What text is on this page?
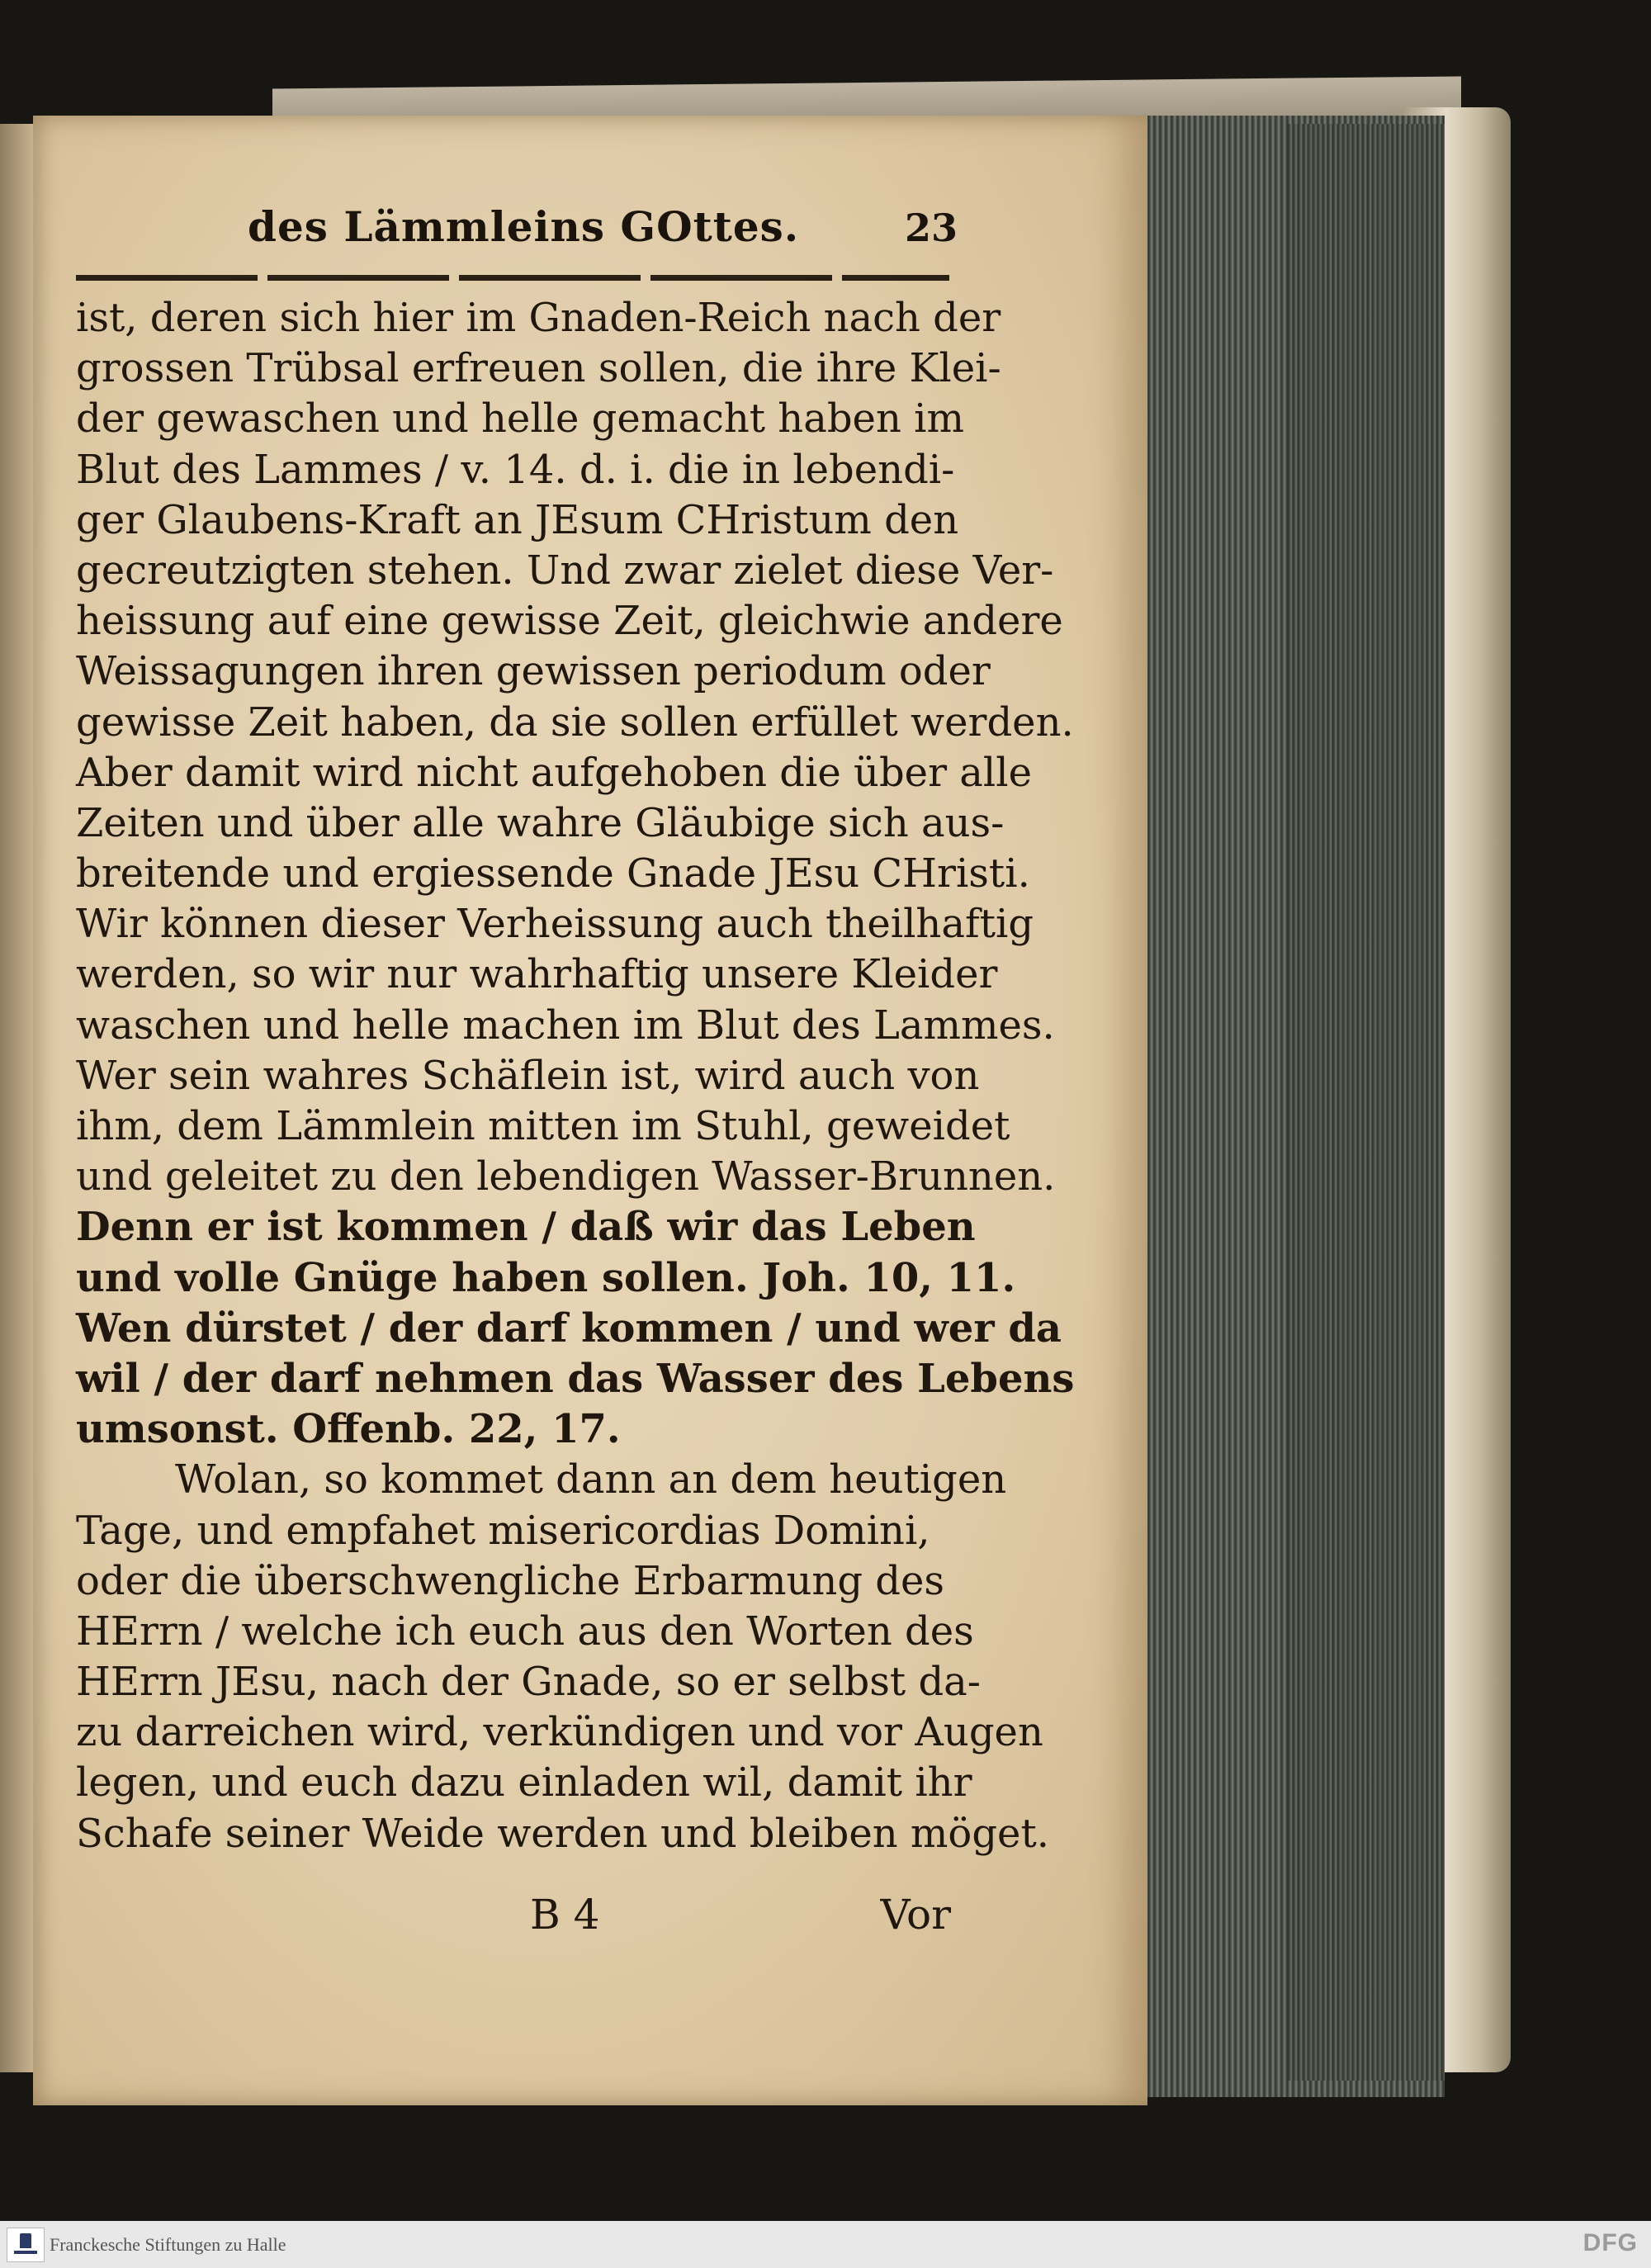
des Lämmleins GOttes.	23
ist, deren sich hier im Gnaden-Reich nach der
grossen Trübsal erfreuen sollen, die ihre Klei-
der gewaschen und helle gemacht haben im
Blut des Lammes / v. 14. d. i. die in lebendi-
ger Glaubens-Kraft an JEsum CHristum den
gecreutzigten stehen. Und zwar zielet diese Ver-
heissung auf eine gewisse Zeit, gleichwie andere
Weissagungen ihren gewissen periodum oder
gewisse Zeit haben, da sie sollen erfüllet werden.
Aber damit wird nicht aufgehoben die über alle
Zeiten und über alle wahre Gläubige sich aus-
breitende und ergiessende Gnade JEsu CHristi.
Wir können dieser Verheissung auch theilhaftig
werden, so wir nur wahrhaftig unsere Kleider
waschen und helle machen im Blut des Lammes.
Wer sein wahres Schäflein ist, wird auch von
ihm, dem Lämmlein mitten im Stuhl, geweidet
und geleitet zu den lebendigen Wasser-Brunnen.
Denn er ist kommen / daß wir das Leben
und volle Gnüge haben sollen. Joh. 10, 11.
Wen dürstet / der darf kommen / und wer da
wil / der darf nehmen das Wasser des Lebens
umsonst. Offenb. 22, 17.
Wolan, so kommet dann an dem heutigen
Tage, und empfahet misericordias Domini,
oder die überschwengliche Erbarmung des
HErrn / welche ich euch aus den Worten des
HErrn JEsu, nach der Gnade, so er selbst da-
zu darreichen wird, verkündigen und vor Augen
legen, und euch dazu einladen wil, damit ihr
Schafe seiner Weide werden und bleiben möget.
B 4	Vor
Franckesche Stiftungen zu Halle	DFG
